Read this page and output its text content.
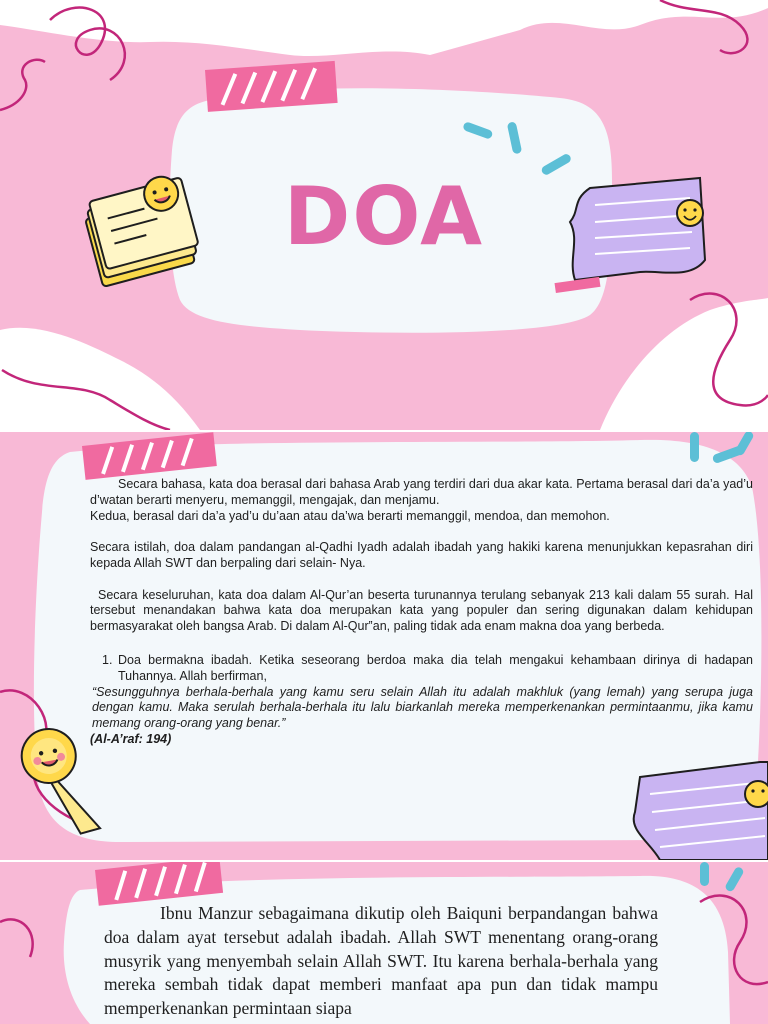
DOA

Secara bahasa, kata doa berasal dari bahasa Arab yang terdiri dari dua akar kata. Pertama berasal dari da’a yad’u d’watan berarti menyeru, memanggil, mengajak, dan menjamu.

Kedua, berasal dari da’a yad’u du’aan atau da’wa berarti memanggil, mendoa, dan memohon.

Secara istilah, doa dalam pandangan al-Qadhi Iyadh adalah ibadah yang hakiki karena menunjukkan kepasrahan diri kepada Allah SWT dan berpaling dari selain- Nya.

Secara keseluruhan, kata doa dalam Al-Qur’an beserta turunannya terulang sebanyak 213 kali dalam 55 surah. Hal tersebut menandakan bahwa kata doa merupakan kata yang populer dan sering digunakan dalam kehidupan bermasyarakat oleh bangsa Arab. Di dalam Al-Qur‟an, paling tidak ada enam makna doa yang berbeda.

1. Doa bermakna ibadah. Ketika seseorang berdoa maka dia telah mengakui kehambaan dirinya di hadapan Tuhannya. Allah berfirman,

“Sesungguhnya berhala-berhala yang kamu seru selain Allah itu adalah makhluk (yang lemah) yang serupa juga dengan kamu. Maka serulah berhala-berhala itu lalu biarkanlah mereka memperkenankan permintaanmu, jika kamu memang orang-orang yang benar.”

(Al-A’raf: 194)

Ibnu Manzur sebagaimana dikutip oleh Baiquni berpandangan bahwa doa dalam ayat tersebut adalah ibadah. Allah SWT menentang orang-orang musyrik yang menyembah selain Allah SWT. Itu karena berhala-berhala yang mereka sembah tidak dapat memberi manfaat apa pun dan tidak mampu memperkenankan permintaan siapa
